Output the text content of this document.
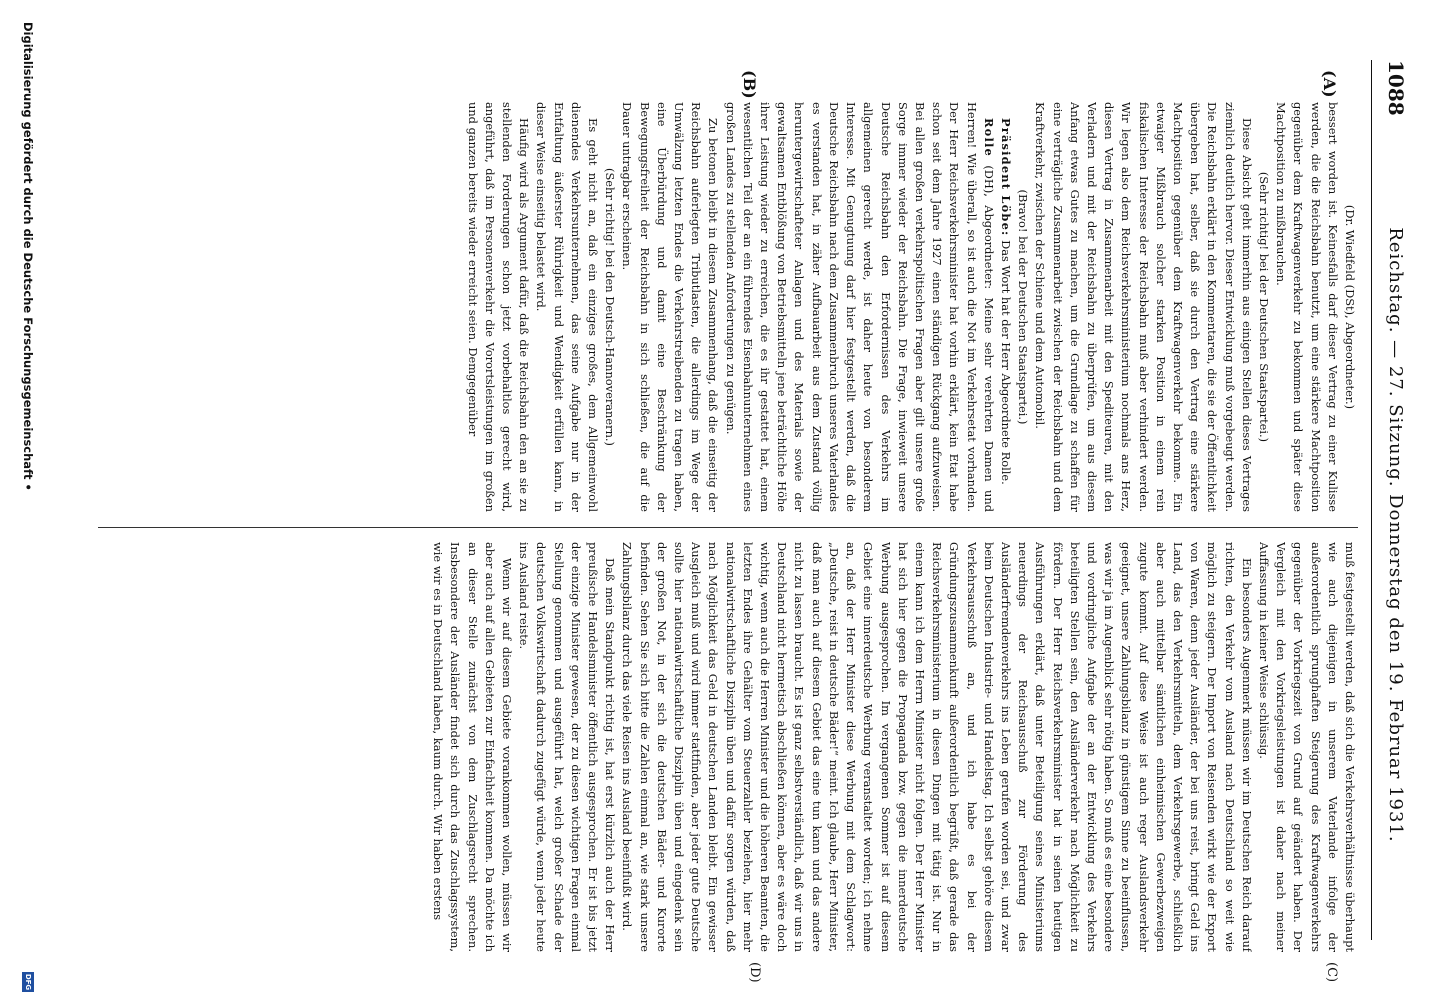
1088
Reichstag. — 27. Sitzung. Donnerstag den 19. Februar 1931.
(A)
(B)
(C)
(D)

(Dr. Wiedfeld (DSt), Abgeordneter.)

bessert worden ist. Keinesfalls darf dieser Vertrag zu einer Kulisse werden, die die Reichsbahn benutzt, um eine stärkere Machtposition gegenüber dem Kraftwagenverkehr zu bekommen und später diese Machtposition zu mißbrauchen.

(Sehr richtig! bei der Deutschen Staatspartei.)

Diese Absicht geht immerhin aus einigen Stellen dieses Vertrages ziemlich deutlich hervor. Dieser Entwicklung muß vorgebeugt werden. Die Reichsbahn erklärt in den Kommentaren, die sie der Öffentlichkeit übergeben hat, selber, daß sie durch den Vertrag eine stärkere Machtposition gegenüber dem Kraftwagenverkehr bekomme. Ein etwaiger Mißbrauch solcher starken Position in einem rein fiskalischen Interesse der Reichsbahn muß aber verhindert werden. Wir legen also dem Reichsverkehrsministerium nochmals ans Herz, diesen Vertrag in Zusammenarbeit mit den Spediteuren, mit den Verladern und mit der Reichsbahn zu überprüfen, um aus diesem Anfang etwas Gutes zu machen, um die Grundlage zu schaffen für eine verträgliche Zusammenarbeit zwischen der Reichsbahn und dem Kraftverkehr, zwischen der Schiene und dem Automobil.

(Bravo! bei der Deutschen Staatspartei.)

Präsident Löbe: Das Wort hat der Herr Abgeordnete Rolle.

Rolle (DH), Abgeordneter: Meine sehr verehrten Damen und Herren! Wie überall, so ist auch die Not im Verkehrsetat vorhanden. Der Herr Reichsverkehrsminister hat vorhin erklärt, kein Etat habe schon seit dem Jahre 1927 einen ständigen Rückgang aufzuweisen. Bei allen großen verkehrspolitischen Fragen aber gilt unsere große Sorge immer wieder der Reichsbahn. Die Frage, inwieweit unsere Deutsche Reichsbahn den Erfordernissen des Verkehrs im allgemeinen gerecht werde, ist daher heute von besonderem Interesse. Mit Genugtuung darf hier festgestellt werden, daß die Deutsche Reichsbahn nach dem Zusammenbruch unseres Vaterlandes es verstanden hat, in zäher Aufbauarbeit aus dem Zustand völlig heruntergewirtschafteter Anlagen und des Materials sowie der gewaltsamen Entblößung von Betriebsmitteln jene beträchtliche Höhe ihrer Leistung wieder zu erreichen, die es ihr gestattet hat, einem wesentlichen Teil der an ein führendes Eisenbahnunternehmen eines großen Landes zu stellenden Anforderungen zu genügen.

Zu betonen bleibt in diesem Zusammenhang, daß die einseitig der Reichsbahn auferlegten Tributlasten, die allerdings im Wege der Umwälzung letzten Endes die Verkehrstreibenden zu tragen haben, eine Überbürdung und damit eine Beschränkung der Bewegungsfreiheit der Reichsbahn in sich schließen, die auf die Dauer untragbar erscheinen.

(Sehr richtig! bei den Deutsch-Hannoveranern.)

Es geht nicht an, daß ein einziges großes, dem Allgemeinwohl dienendes Verkehrsunternehmen, das seine Aufgabe nur in der Entfaltung äußerster Rührigkeit und Wendigkeit erfüllen kann, in dieser Weise einseitig belastet wird.

Häufig wird als Argument dafür, daß die Reichsbahn den an sie zu stellenden Forderungen schon jetzt vorbehaltlos gerecht wird, angeführt, daß im Personenverkehr die Vorortsleistungen im großen und ganzen bereits wieder erreicht seien. Demgegenüber

muß festgestellt werden, daß sich die Verkehrsverhältnisse überhaupt wie auch diejenigen in unserem Vaterlande infolge der außerordentlich sprunghaften Steigerung des Kraftwagenverkehrs gegenüber der Vorkriegszeit von Grund auf geändert haben. Der Vergleich mit den Vorkriegsleistungen ist daher nach meiner Auffassung in keiner Weise schlüssig.

Ein besonders Augenmerk müssen wir im Deutschen Reich darauf richten, den Verkehr vom Ausland nach Deutschland so weit wie möglich zu steigern. Der Import von Reisenden wirkt wie der Export von Waren, denn jeder Ausländer, der bei uns reist, bringt Geld ins Land, das den Verkehrsmitteln, dem Verkehrsgewerbe, schließlich aber auch mittelbar sämtlichen einheimischen Gewerbezweigen zugute kommt. Auf diese Weise ist auch reger Auslandsverkehr geeignet, unsere Zahlungsbilanz in günstigem Sinne zu beeinflussen, was wir ja im Augenblick sehr nötig haben. So muß es eine besondere und vordringliche Aufgabe der an der Entwicklung des Verkehrs beteiligten Stellen sein, den Ausländerverkehr nach Möglichkeit zu fördern. Der Herr Reichsverkehrsminister hat in seinen heutigen Ausführungen erklärt, daß unter Beteiligung seines Ministeriums neuerdings der Reichsausschuß zur Förderung des Ausländerfremdenverkehrs ins Leben gerufen worden sei, und zwar beim Deutschen Industrie- und Handelstag. Ich selbst gehöre diesem Verkehrsausschuß an, und ich habe es bei der Gründungszusammenkunft außerordentlich begrüßt, daß gerade das Reichsverkehrsministerium in diesen Dingen mit tätig ist. Nur in einem kann ich dem Herrn Minister nicht folgen. Der Herr Minister hat sich hier gegen die Propaganda bzw. gegen die innerdeutsche Werbung ausgesprochen. Im vergangenen Sommer ist auf diesem Gebiet eine innerdeutsche Werbung veranstaltet worden; ich nehme an, daß der Herr Minister diese Werbung mit dem Schlagwort: „Deutsche, reist in deutsche Bäder!“ meint. Ich glaube, Herr Minister, daß man auch auf diesem Gebiet das eine tun kann und das andere nicht zu lassen braucht. Es ist ganz selbstverständlich, daß wir uns in Deutschland nicht hermetisch abschließen können, aber es wäre doch wichtig, wenn auch die Herren Minister und die höheren Beamten, die letzten Endes ihre Gehälter vom Steuerzahler beziehen, hier mehr nationalwirtschaftliche Disziplin üben und dafür sorgen würden, daß nach Möglichkeit das Geld in deutschen Landen bleibt. Ein gewisser Ausgleich muß und wird immer stattfinden, aber jeder gute Deutsche sollte hier nationalwirtschaftliche Disziplin üben und eingedenk sein der großen Not, in der sich die deutschen Bäder- und Kurorte befinden. Sehen Sie sich bitte die Zahlen einmal an, wie stark unsere Zahlungsbilanz durch das viele Reisen ins Ausland beeinflußt wird.

Daß mein Standpunkt richtig ist, hat erst kürzlich auch der Herr preußische Handelsminister öffentlich ausgesprochen. Er ist bis jetzt der einzige Minister gewesen, der zu diesen wichtigen Fragen einmal Stellung genommen und ausgeführt hat, welch großer Schade der deutschen Volkswirtschaft dadurch zugefügt würde, wenn jeder heute ins Ausland reiste.

Wenn wir auf diesem Gebiete vorankommen wollen, müssen wir aber auch auf allen Gebieten zur Einfachheit kommen. Da möchte ich an dieser Stelle zunächst von dem Zuschlagsrecht sprechen. Insbesondere der Ausländer findet sich durch das Zuschlagssystem, wie wir es in Deutschland haben, kaum durch. Wir haben erstens

Digitalisierung gefördert durch die Deutsche Forschungsgemeinschaft •
DFG
